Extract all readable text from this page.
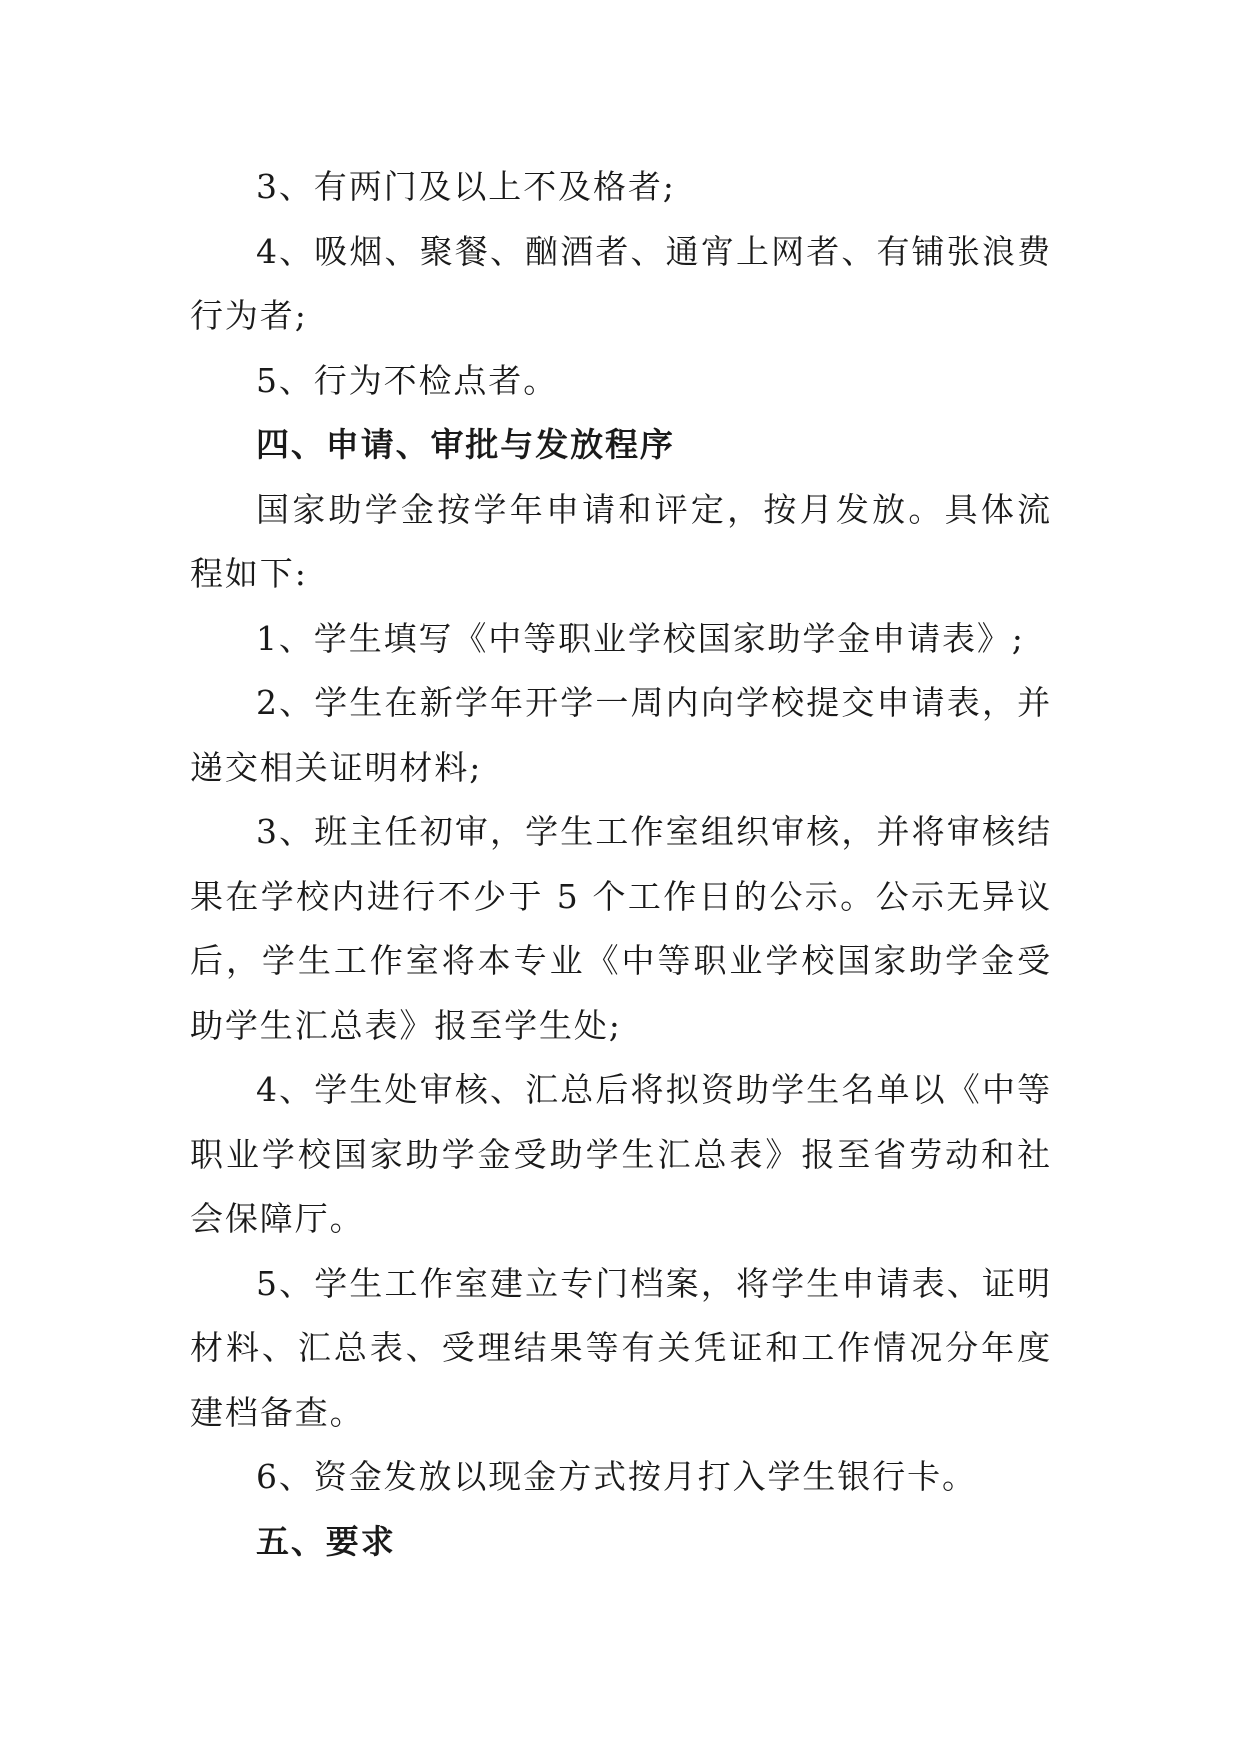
3、有两门及以上不及格者;

4、吸烟、聚餐、酗酒者、通宵上网者、有铺张浪费行为者;

5、行为不检点者。

四、申请、审批与发放程序

国家助学金按学年申请和评定，按月发放。具体流程如下:

1、学生填写《中等职业学校国家助学金申请表》;

2、学生在新学年开学一周内向学校提交申请表，并递交相关证明材料;

3、班主任初审，学生工作室组织审核，并将审核结果在学校内进行不少于 5 个工作日的公示。公示无异议后，学生工作室将本专业《中等职业学校国家助学金受助学生汇总表》报至学生处;

4、学生处审核、汇总后将拟资助学生名单以《中等职业学校国家助学金受助学生汇总表》报至省劳动和社会保障厅。

5、学生工作室建立专门档案，将学生申请表、证明材料、汇总表、受理结果等有关凭证和工作情况分年度建档备查。

6、资金发放以现金方式按月打入学生银行卡。

五、要求
